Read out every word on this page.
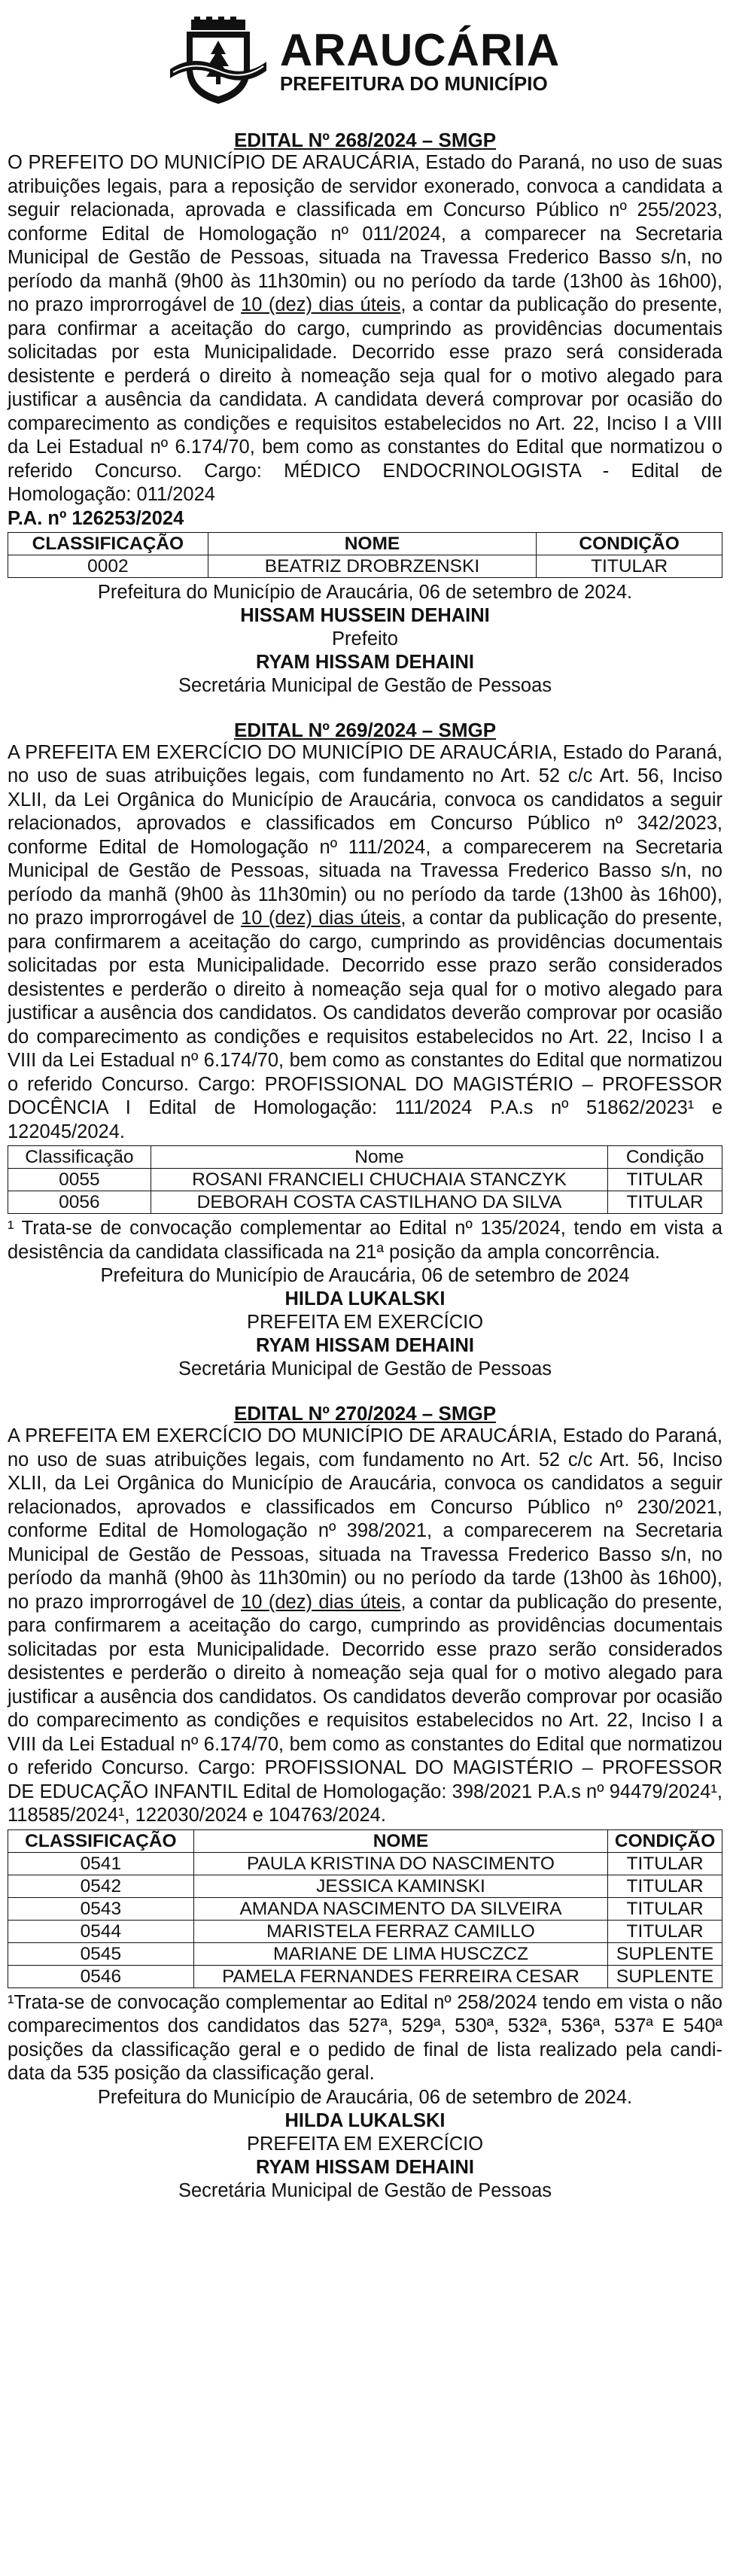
ARAUCÁRIA
PREFEITURA DO MUNICÍPIO
EDITAL Nº 268/2024 – SMGP

O PREFEITO DO MUNICÍPIO DE ARAUCÁRIA, Estado do Paraná, no uso de suas atribuições legais, para a reposição de servidor exonerado, convoca a candidata a seguir relacionada, aprovada e classificada em Concurso Público nº 255/2023, conforme Edital de Homologação nº 011/2024, a comparecer na Secretaria Municipal de Gestão de Pessoas, situada na Travessa Frederico Basso s/n, no período da manhã (9h00 às 11h30min) ou no período da tarde (13h00 às 16h00), no prazo improrrogável de 10 (dez) dias úteis, a contar da publicação do presente, para confirmar a aceitação do cargo, cumprindo as providências documentais solicitadas por esta Municipalidade. Decorrido esse prazo será considerada desistente e perderá o direito à nomeação seja qual for o motivo alegado para justificar a ausência da candidata. A candidata deverá comprovar por ocasião do comparecimento as condições e requisitos estabelecidos no Art. 22, Inciso I a VIII da Lei Estadual nº 6.174/70, bem como as constantes do Edital que normatizou o referido Concurso. Cargo: MÉDICO ENDOCRINOLOGISTA - Edital de Homologação: 011/2024

P.A. nº 126253/2024
CLASSIFICAÇÃO	NOME	CONDIÇÃO
0002	BEATRIZ DROBRZENSKI	TITULAR
Prefeitura do Município de Araucária, 06 de setembro de 2024.
HISSAM HUSSEIN DEHAINI
Prefeito
RYAM HISSAM DEHAINI
Secretária Municipal de Gestão de Pessoas
EDITAL Nº 269/2024 – SMGP

A PREFEITA EM EXERCÍCIO DO MUNICÍPIO DE ARAUCÁRIA, Estado do Paraná, no uso de suas atribuições legais, com fundamento no Art. 52 c/c Art. 56, Inciso XLII, da Lei Orgânica do Município de Araucária, convoca os candidatos a seguir relacionados, aprovados e classificados em Concurso Público nº 342/2023, conforme Edital de Homologação nº 111/2024, a comparecerem na Secretaria Municipal de Gestão de Pessoas, situada na Travessa Frederico Basso s/n, no período da manhã (9h00 às 11h30min) ou no período da tarde (13h00 às 16h00), no prazo improrrogável de 10 (dez) dias úteis, a contar da publicação do presente, para confirmarem a aceitação do cargo, cumprindo as providências documentais solicitadas por esta Municipalidade. Decorrido esse prazo serão considerados desistentes e perderão o direito à nomeação seja qual for o motivo alegado para justificar a ausência dos candidatos. Os candidatos deverão comprovar por ocasião do comparecimento as condições e requisitos estabelecidos no Art. 22, Inciso I a VIII da Lei Estadual nº 6.174/70, bem como as constantes do Edital que normatizou o referido Concurso. Cargo: PROFISSIONAL DO MAGISTÉRIO – PROFESSOR DOCÊNCIA I Edital de Homologação: 111/2024 P.A.s nº 51862/2023¹ e 122045/2024.

Classificação	Nome	Condição
0055	ROSANI FRANCIELI CHUCHAIA STANCZYK	TITULAR
0056	DEBORAH COSTA CASTILHANO DA SILVA	TITULAR

¹ Trata-se de convocação complementar ao Edital nº 135/2024, tendo em vista a desistência da candidata classificada na 21ª posição da ampla concorrência.

Prefeitura do Município de Araucária, 06 de setembro de 2024
HILDA LUKALSKI
PREFEITA EM EXERCÍCIO
RYAM HISSAM DEHAINI
Secretária Municipal de Gestão de Pessoas
EDITAL Nº 270/2024 – SMGP

A PREFEITA EM EXERCÍCIO DO MUNICÍPIO DE ARAUCÁRIA, Estado do Paraná, no uso de suas atribuições legais, com fundamento no Art. 52 c/c Art. 56, Inciso XLII, da Lei Orgânica do Município de Araucária, convoca os candidatos a seguir relacionados, aprovados e classificados em Concurso Público nº 230/2021, conforme Edital de Homologação nº 398/2021, a comparecerem na Secretaria Municipal de Gestão de Pessoas, situada na Travessa Frederico Basso s/n, no período da manhã (9h00 às 11h30min) ou no período da tarde (13h00 às 16h00), no prazo improrrogável de 10 (dez) dias úteis, a contar da publicação do presente, para confirmarem a aceitação do cargo, cumprindo as providências documentais solicitadas por esta Municipalidade. Decorrido esse prazo serão considerados desistentes e perderão o direito à nomeação seja qual for o motivo alegado para justificar a ausência dos candidatos. Os candidatos deverão comprovar por ocasião do comparecimento as condições e requisitos estabelecidos no Art. 22, Inciso I a VIII da Lei Estadual nº 6.174/70, bem como as constantes do Edital que normatizou o referido Concurso. Cargo: PROFISSIONAL DO MAGISTÉRIO – PROFESSOR DE EDUCAÇÃO INFANTIL Edital de Homologação: 398/2021 P.A.s nº 94479/2024¹, 118585/2024¹, 122030/2024 e 104763/2024.

CLASSIFICAÇÃO	NOME	CONDIÇÃO
0541	PAULA KRISTINA DO NASCIMENTO	TITULAR
0542	JESSICA KAMINSKI	TITULAR
0543	AMANDA NASCIMENTO DA SILVEIRA	TITULAR
0544	MARISTELA FERRAZ CAMILLO	TITULAR
0545	MARIANE DE LIMA HUSCZCZ	SUPLENTE
0546	PAMELA FERNANDES FERREIRA CESAR	SUPLENTE

¹Trata-se de convocação complementar ao Edital nº 258/2024 tendo em vista o não comparecimentos dos candidatos das 527ª, 529ª, 530ª, 532ª, 536ª, 537ª E 540ª posições da classificação geral e o pedido de final de lista realizado pela candi- data da 535 posição da classificação geral.

Prefeitura do Município de Araucária, 06 de setembro de 2024.
HILDA LUKALSKI
PREFEITA EM EXERCÍCIO
RYAM HISSAM DEHAINI
Secretária Municipal de Gestão de Pessoas
